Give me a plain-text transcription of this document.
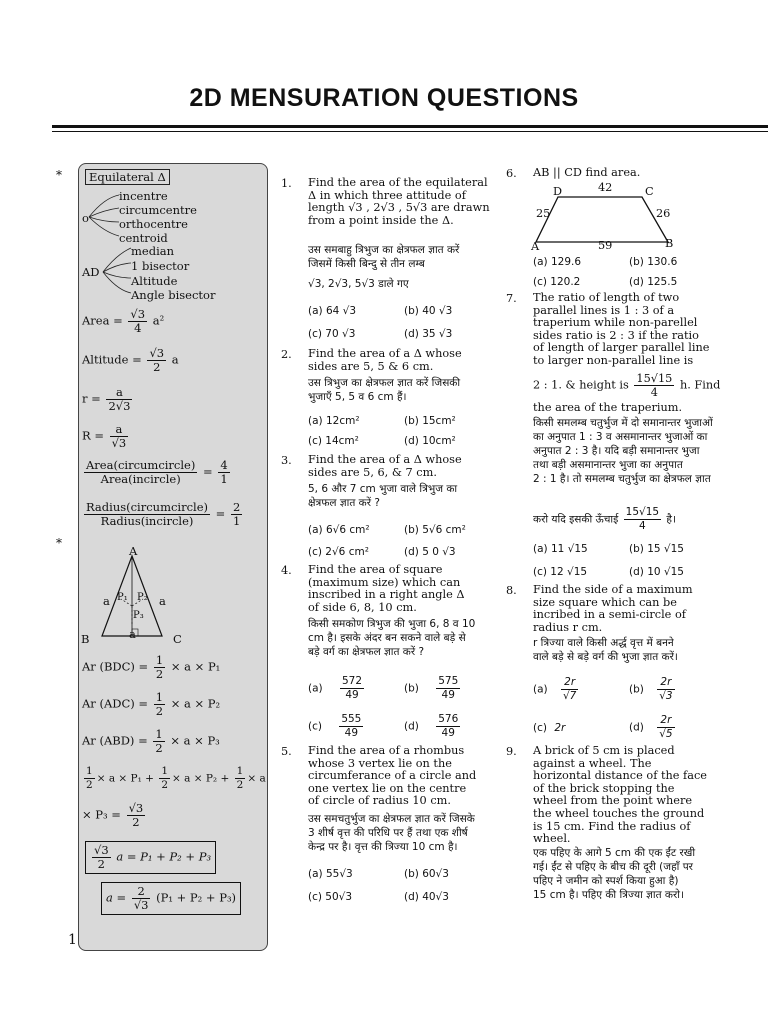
2D MENSURATION QUESTIONS
*
*
Equilateral Δ
o
incentre
circumcentre
orthocentre
centroid
AD
median
1 bisector
Altitude
Angle bisector
Area = $\frac{√3}{4} a^2$
Altitude = $\frac{√3}{2}$ a
$r = \frac{a}{2√3}$
$R = \frac{a}{√3}$
$\frac{\text{Area(circumcircle)}}{\text{Area(incircle)}} = \frac{4}{1}$
$\frac{\text{Radius(circumcircle)}}{\text{Radius(incircle)}} = \frac{2}{1}$
A
B	C
a	a
a
P₁ P₂
P₃
Ar $(BDC) = \frac{1}{2} \times a \times P_1$
Ar $(ADC) = \frac{1}{2} \times a \times P_2$
Ar $(ABD) = \frac{1}{2} \times a \times P_3$
$\frac{1}{2} \times a \times P_1 + \frac{1}{2} \times a \times P_2 + \frac{1}{2} \times a$
× $P_3 = \frac{√3}{2}$
$\frac{√3}{2}$ a = P₁ + P₂ + P₃
$a = \frac{2}{√3} (P_1 + P_2 + P_3)$
1. Find the area of the equilateral
Δ in which three attitude of
length √3 , 2√3 , 5√3 are drawn
from a point inside the Δ.
उस समबाहु त्रिभुज का क्षेत्रफल ज्ञात करें
जिसमें किसी बिन्दु से तीन लम्ब
√3, 2√3, 5√3 डाले गए
(a) 64 √3	(b) 40 √3
(c) 70 √3	(d) 35 √3
2. Find the area of a Δ whose
sides are 5, 5 & 6 cm.
उस त्रिभुज का क्षेत्रफल ज्ञात करें जिसकी
भुजाएँ 5, 5 व 6 cm हैं।
(a) 12cm²	(b) 15cm²
(c) 14cm²	(d) 10cm²
3. Find the area of a Δ whose
sides are 5, 6, & 7 cm.
5, 6 और 7 cm भुजा वाले त्रिभुज का
क्षेत्रफल ज्ञात करें ?
(a) 6√6 cm²	(b) 5√6 cm²
(c) 2√6 cm²	(d) 5 0 √3
4. Find the area of square
(maximum size) which can
inscribed in a right angle Δ
of side 6, 8, 10 cm.
किसी समकोण त्रिभुज की भुजा 6, 8 व 10
cm है। इसके अंदर बन सकने वाले बड़े से
बड़े वर्ग का क्षेत्रफल ज्ञात करें ?
$(a) \frac{572}{49}$	$(b) \frac{575}{49}$
$(c) \frac{555}{49}$	$(d) \frac{576}{49}$
5. Find the area of a rhombus
whose 3 vertex lie on the
circumferance of a circle and
one vertex lie on the centre
of circle of radius 10 cm.
उस समचतुर्भुज का क्षेत्रफल ज्ञात करें जिसके
3 शीर्ष वृत्त की परिधि पर हैं तथा एक शीर्ष
केन्द्र पर है। वृत्त की त्रिज्या 10 cm है।
(a) 55√3	(b) 60√3
(c) 50√3	(d) 40√3
6. AB || CD find area.
D	C
42
25	26
59
A	B
(a) 129.6	(b) 130.6
(c) 120.2	(d) 125.5
7. The ratio of length of two
parallel lines is 1 : 3 of a
traperium while non-parellel
sides ratio is 2 : 3 if the ratio
of length of larger parallel line
to larger non-parallel line is
2 : 1. & height is $\frac{15√15}{4} h$. Find
the area of the traperium.
किसी समलम्ब चतुर्भुज में दो समानान्तर भुजाओं
का अनुपात 1 : 3 व असमानान्तर भुजाओं का
अनुपात 2 : 3 है। यदि बड़ी समानान्तर भुजा
तथा बड़ी असमानान्तर भुजा का अनुपात
2 : 1 है। तो समलम्ब चतुर्भुज का क्षेत्रफल ज्ञात
करो यदि इसकी ऊँचाई $\frac{15√15}{4}$ है।
(a) 11 √15	(b) 15 √15
(c) 12 √15	(d) 10 √15
8. Find the side of a maximum
size square which can be
incribed in a semi-circle of
radius r cm.
r त्रिज्या वाले किसी अर्द्ध वृत्त में बनने
वाले बड़े से बड़े वर्ग की भुजा ज्ञात करें।
$(a) \frac{2r}{√7}$	$(b) \frac{2r}{√3}$
(c) 2r	$(d) \frac{2r}{√5}$
9. A brick of 5 cm is placed
against a wheel. The
horizontal distance of the face
of the brick stopping the
wheel from the point where
the wheel touches the ground
is 15 cm. Find the radius of
wheel.
एक पहिए के आगे 5 cm की एक ईंट रखी
गई। ईंट से पहिए के बीच की दूरी (जहाँ पर
पहिए ने जमीन को स्पर्श किया हुआ है)
15 cm है। पहिए की त्रिज्या ज्ञात करो।
1
